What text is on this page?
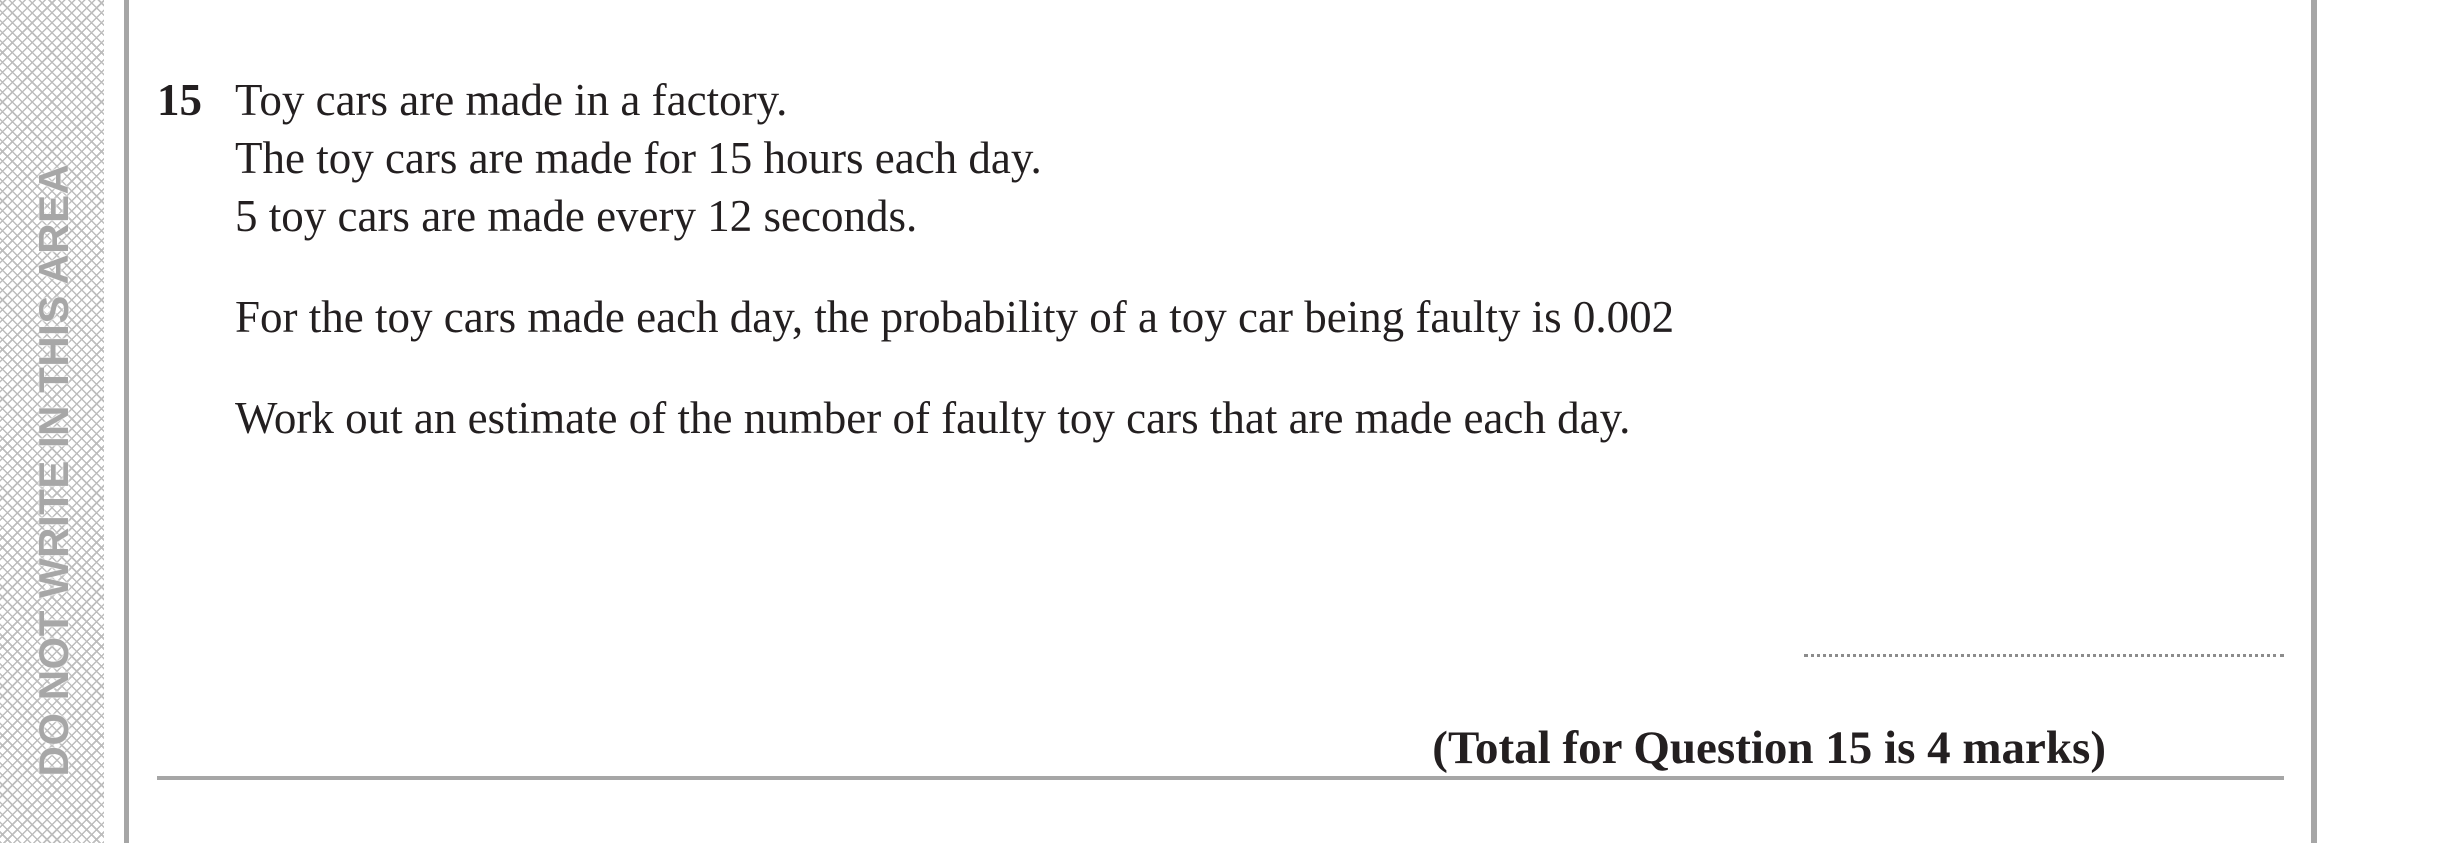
DO NOT WRITE IN THIS AREA
15 Toy cars are made in a factory.
The toy cars are made for 15 hours each day.
5 toy cars are made every 12 seconds.
For the toy cars made each day, the probability of a toy car being faulty is 0.002
Work out an estimate of the number of faulty toy cars that are made each day.
(Total for Question 15 is 4 marks)
